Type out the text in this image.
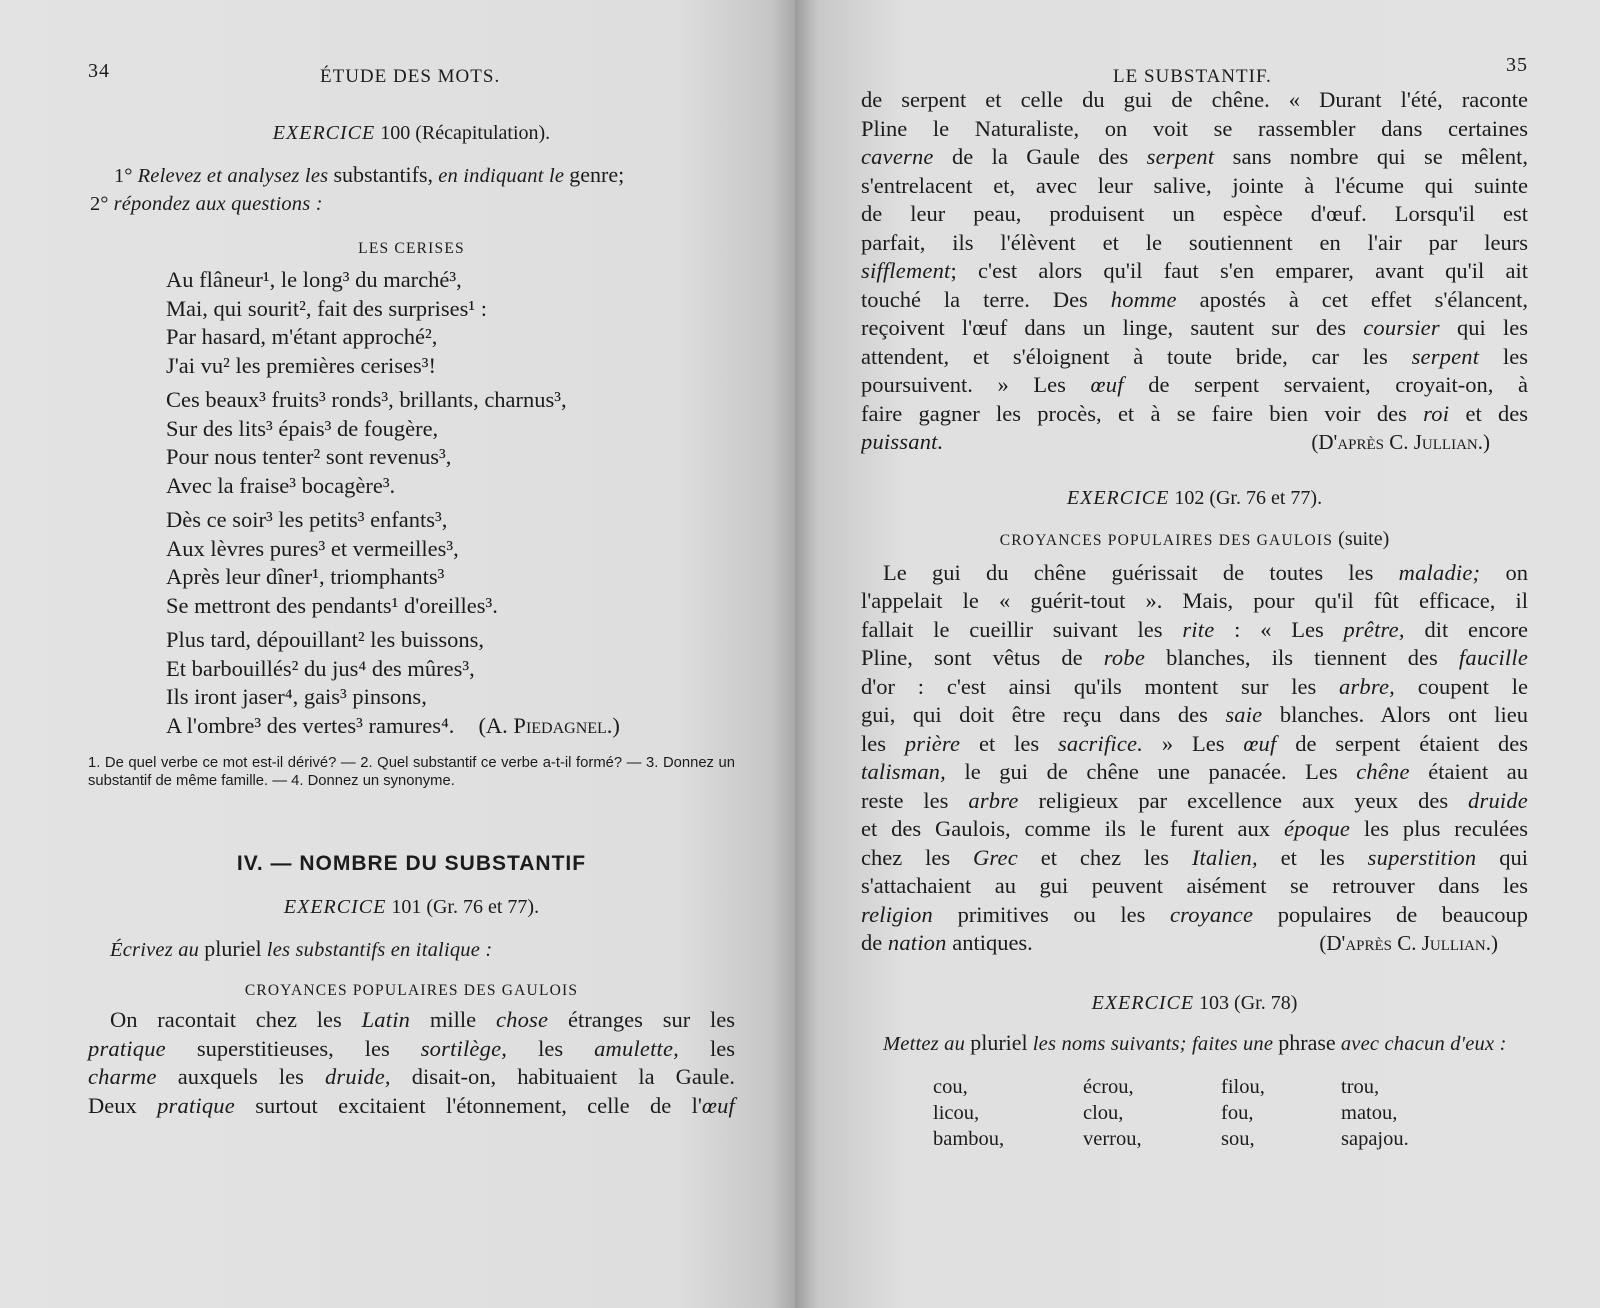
34	ÉTUDE DES MOTS.

EXERCICE 100 (Récapitulation).

1° Relevez et analysez les substantifs, en indiquant le genre;

2° répondez aux questions :

LES CERISES

Au flâneur¹, le long³ du marché³,
Mai, qui sourit², fait des surprises¹ :
Par hasard, m'étant approché²,
J'ai vu² les premières cerises³!
Ces beaux³ fruits³ ronds³, brillants, charnus³,
Sur des lits³ épais³ de fougère,
Pour nous tenter² sont revenus³,
Avec la fraise³ bocagère³.
Dès ce soir³ les petits³ enfants³,
Aux lèvres pures³ et vermeilles³,
Après leur dîner¹, triomphants³
Se mettront des pendants¹ d'oreilles³.
Plus tard, dépouillant² les buissons,
Et barbouillés² du jus⁴ des mûres³,
Ils iront jaser⁴, gais³ pinsons,
A l'ombre³ des vertes³ ramures⁴. (A. Piedagnel.)

1. De quel verbe ce mot est-il dérivé? — 2. Quel substantif ce verbe a-t-il formé? — 3. Donnez un substantif de même famille. — 4. Donnez un synonyme.

IV. — NOMBRE DU SUBSTANTIF

EXERCICE 101 (Gr. 76 et 77).

Écrivez au pluriel les substantifs en italique :

CROYANCES POPULAIRES DES GAULOIS

On racontait chez les Latin mille chose étranges sur les
pratique superstitieuses, les sortilège, les amulette, les
charme auxquels les druide, disait-on, habituaient la Gaule.
Deux pratique surtout excitaient l'étonnement, celle de l'œuf
LE SUBSTANTIF.
35
de serpent et celle du gui de chêne. « Durant l'été, raconte
Pline le Naturaliste, on voit se rassembler dans certaines
caverne de la Gaule des serpent sans nombre qui se mêlent,
s'entrelacent et, avec leur salive, jointe à l'écume qui suinte
de leur peau, produisent un espèce d'œuf. Lorsqu'il est
parfait, ils l'élèvent et le soutiennent en l'air par leurs
sifflement; c'est alors qu'il faut s'en emparer, avant qu'il ait
touché la terre. Des homme apostés à cet effet s'élancent,
reçoivent l'œuf dans un linge, sautent sur des coursier qui les
attendent, et s'éloignent à toute bride, car les serpent les
poursuivent. » Les œuf de serpent servaient, croyait-on, à
faire gagner les procès, et à se faire bien voir des roi et des
puissant.	(D'après C. Jullian.)

EXERCICE 102 (Gr. 76 et 77).

CROYANCES POPULAIRES DES GAULOIS (suite)

Le gui du chêne guérissait de toutes les maladie; on
l'appelait le « guérit-tout ». Mais, pour qu'il fût efficace, il
fallait le cueillir suivant les rite : « Les prêtre, dit encore
Pline, sont vêtus de robe blanches, ils tiennent des faucille
d'or : c'est ainsi qu'ils montent sur les arbre, coupent le
gui, qui doit être reçu dans des saie blanches. Alors ont lieu
les prière et les sacrifice. » Les œuf de serpent étaient des
talisman, le gui de chêne une panacée. Les chêne étaient au
reste les arbre religieux par excellence aux yeux des druide
et des Gaulois, comme ils le furent aux époque les plus reculées
chez les Grec et chez les Italien, et les superstition qui
s'attachaient au gui peuvent aisément se retrouver dans les
religion primitives ou les croyance populaires de beaucoup
de nation antiques.	(D'après C. Jullian.)

EXERCICE 103 (Gr. 78)

Mettez au pluriel les noms suivants; faites une phrase avec chacun d'eux :

cou,	écrou,	filou,	trou,
licou,	clou,	fou,	matou,
bambou,	verrou,	sou,	sapajou.
